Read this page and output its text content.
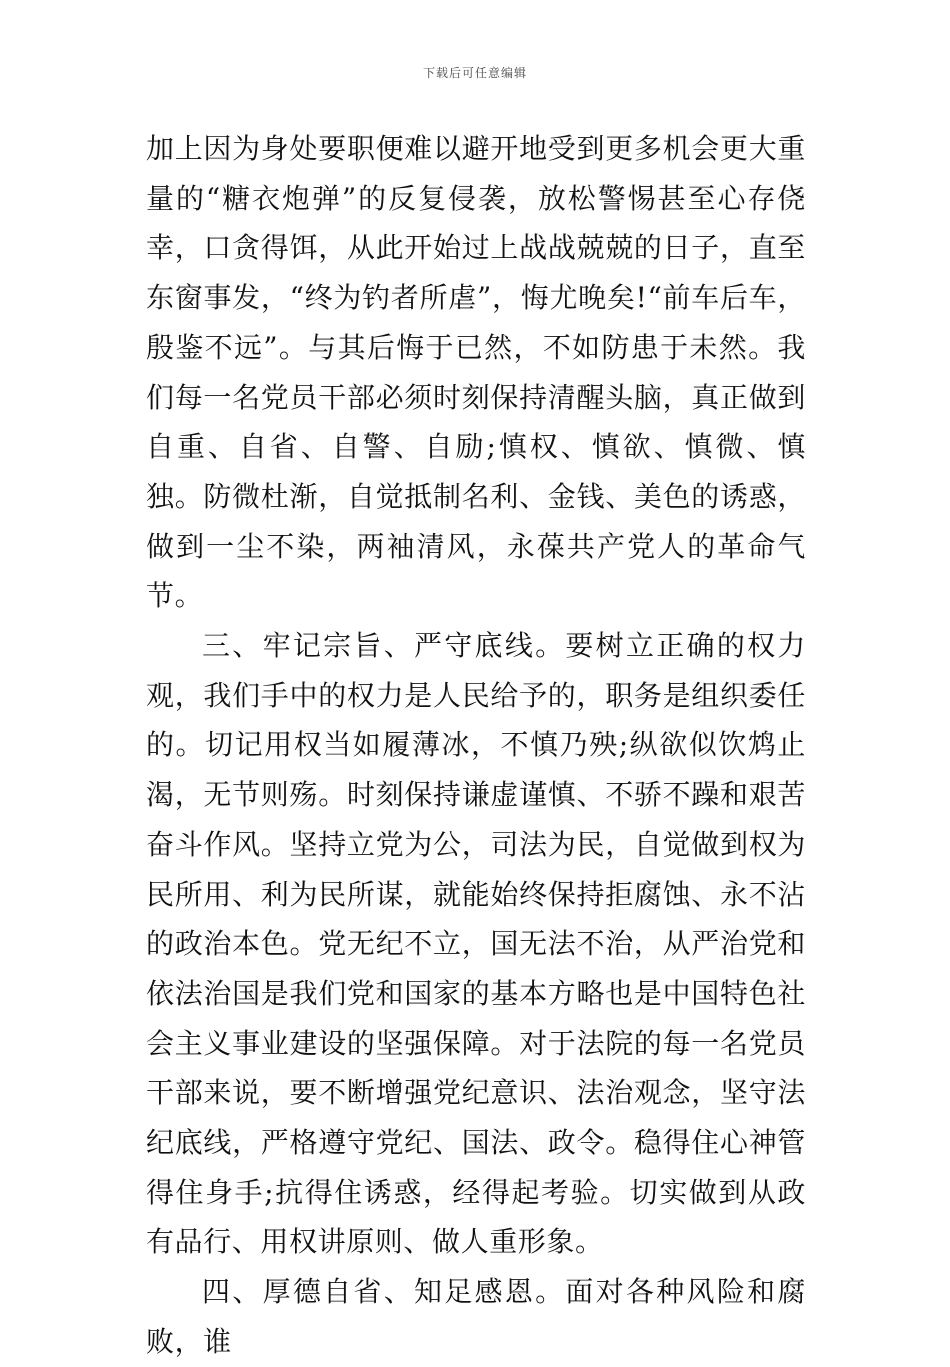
下载后可任意编辑

加上因为身处要职便难以避开地受到更多机会更大重量的“糖衣炮弹”的反复侵袭，放松警惕甚至心存侥幸，口贪得饵，从此开始过上战战兢兢的日子，直至东窗事发，“终为钓者所虐”，悔尤晚矣!“前车后车，殷鉴不远”。与其后悔于已然，不如防患于未然。我们每一名党员干部必须时刻保持清醒头脑，真正做到自重、自省、自警、自励;慎权、慎欲、慎微、慎独。防微杜渐，自觉抵制名利、金钱、美色的诱惑，做到一尘不染，两袖清风，永葆共产党人的革命气节。

三、牢记宗旨、严守底线。要树立正确的权力观，我们手中的权力是人民给予的，职务是组织委任的。切记用权当如履薄冰，不慎乃殃;纵欲似饮鸩止渴，无节则殇。时刻保持谦虚谨慎、不骄不躁和艰苦奋斗作风。坚持立党为公，司法为民，自觉做到权为民所用、利为民所谋，就能始终保持拒腐蚀、永不沾的政治本色。党无纪不立，国无法不治，从严治党和依法治国是我们党和国家的基本方略也是中国特色社会主义事业建设的坚强保障。对于法院的每一名党员干部来说，要不断增强党纪意识、法治观念，坚守法纪底线，严格遵守党纪、国法、政令。稳得住心神管得住身手;抗得住诱惑，经得起考验。切实做到从政有品行、用权讲原则、做人重形象。

四、厚德自省、知足感恩。面对各种风险和腐败，谁
